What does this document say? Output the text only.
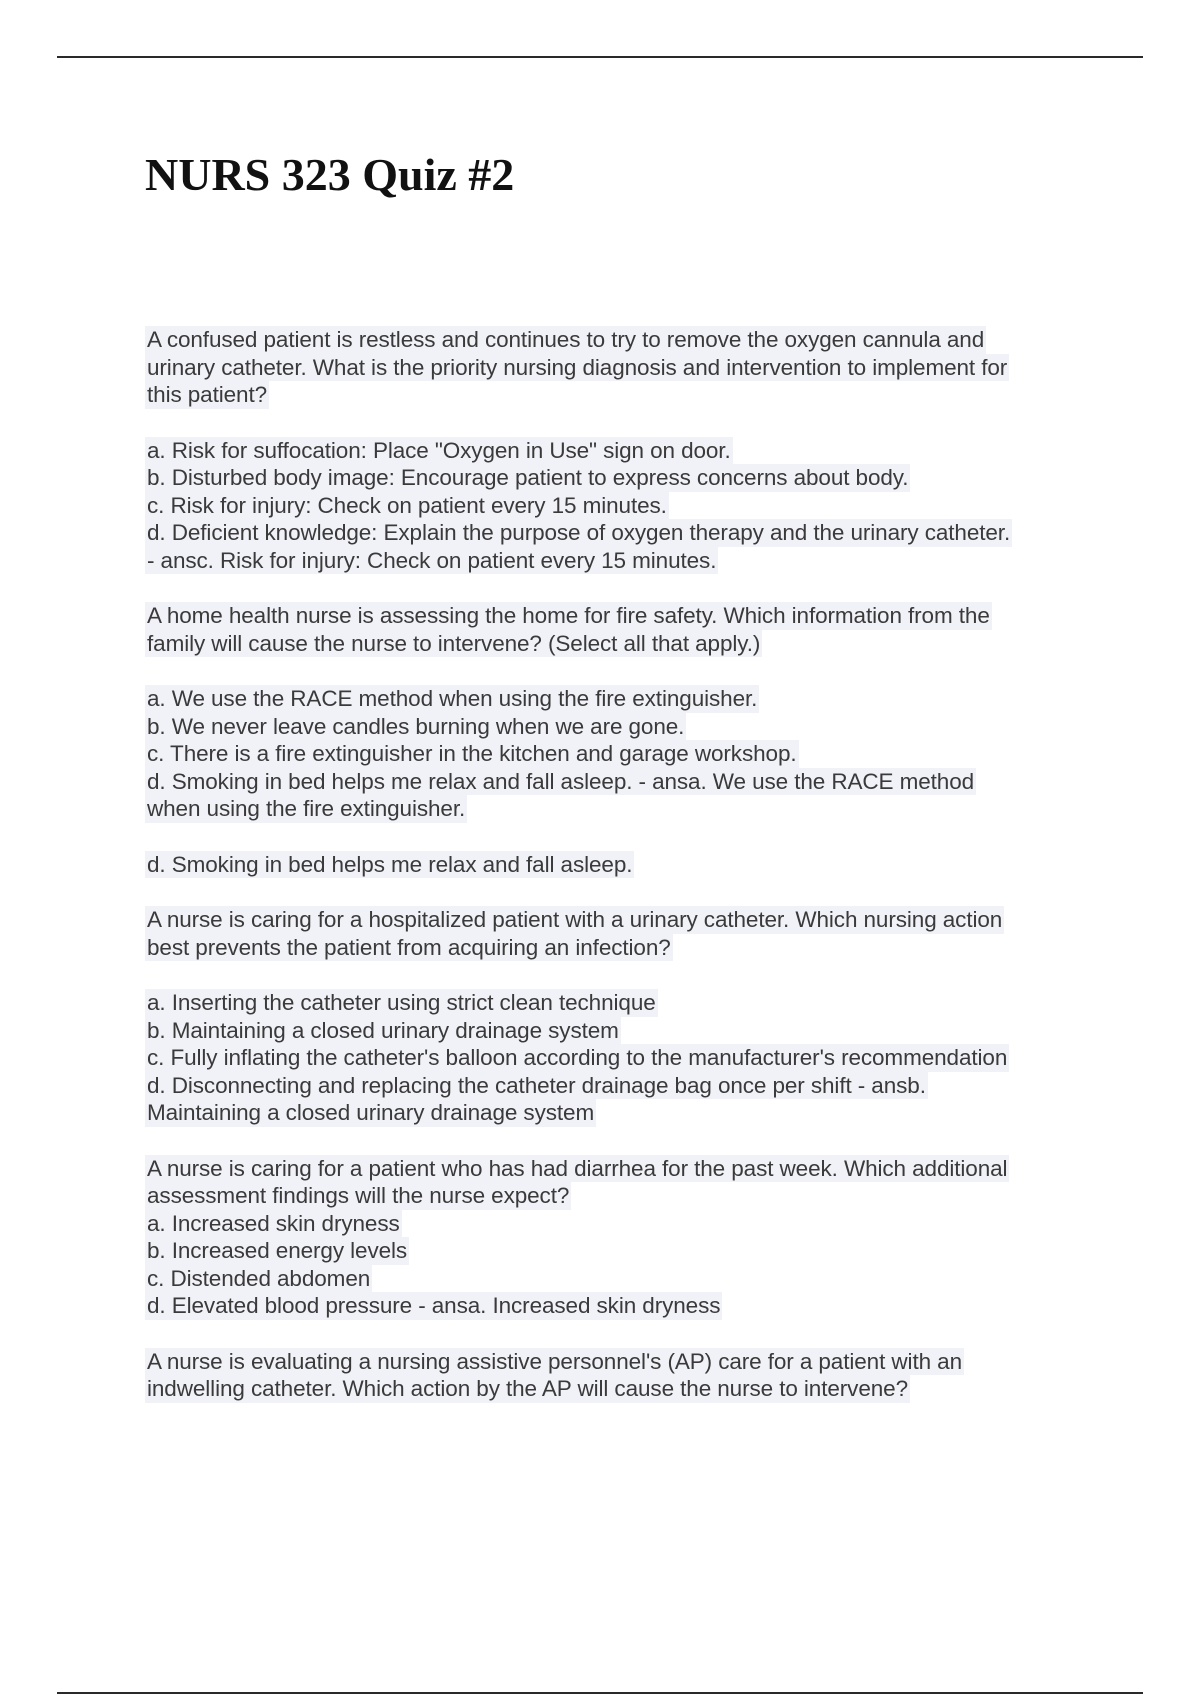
NURS 323 Quiz #2
A confused patient is restless and continues to try to remove the oxygen cannula and
urinary catheter. What is the priority nursing diagnosis and intervention to implement for
this patient?
a. Risk for suffocation: Place "Oxygen in Use" sign on door.
b. Disturbed body image: Encourage patient to express concerns about body.
c. Risk for injury: Check on patient every 15 minutes.
d. Deficient knowledge: Explain the purpose of oxygen therapy and the urinary catheter.
- ansc. Risk for injury: Check on patient every 15 minutes.
A home health nurse is assessing the home for fire safety. Which information from the
family will cause the nurse to intervene? (Select all that apply.)
a. We use the RACE method when using the fire extinguisher.
b. We never leave candles burning when we are gone.
c. There is a fire extinguisher in the kitchen and garage workshop.
d. Smoking in bed helps me relax and fall asleep. - ansa. We use the RACE method
when using the fire extinguisher.
d. Smoking in bed helps me relax and fall asleep.
A nurse is caring for a hospitalized patient with a urinary catheter. Which nursing action
best prevents the patient from acquiring an infection?
a. Inserting the catheter using strict clean technique
b. Maintaining a closed urinary drainage system
c. Fully inflating the catheter's balloon according to the manufacturer's recommendation
d. Disconnecting and replacing the catheter drainage bag once per shift - ansb.
Maintaining a closed urinary drainage system
A nurse is caring for a patient who has had diarrhea for the past week. Which additional
assessment findings will the nurse expect?
a. Increased skin dryness
b. Increased energy levels
c. Distended abdomen
d. Elevated blood pressure - ansa. Increased skin dryness
A nurse is evaluating a nursing assistive personnel's (AP) care for a patient with an
indwelling catheter. Which action by the AP will cause the nurse to intervene?
